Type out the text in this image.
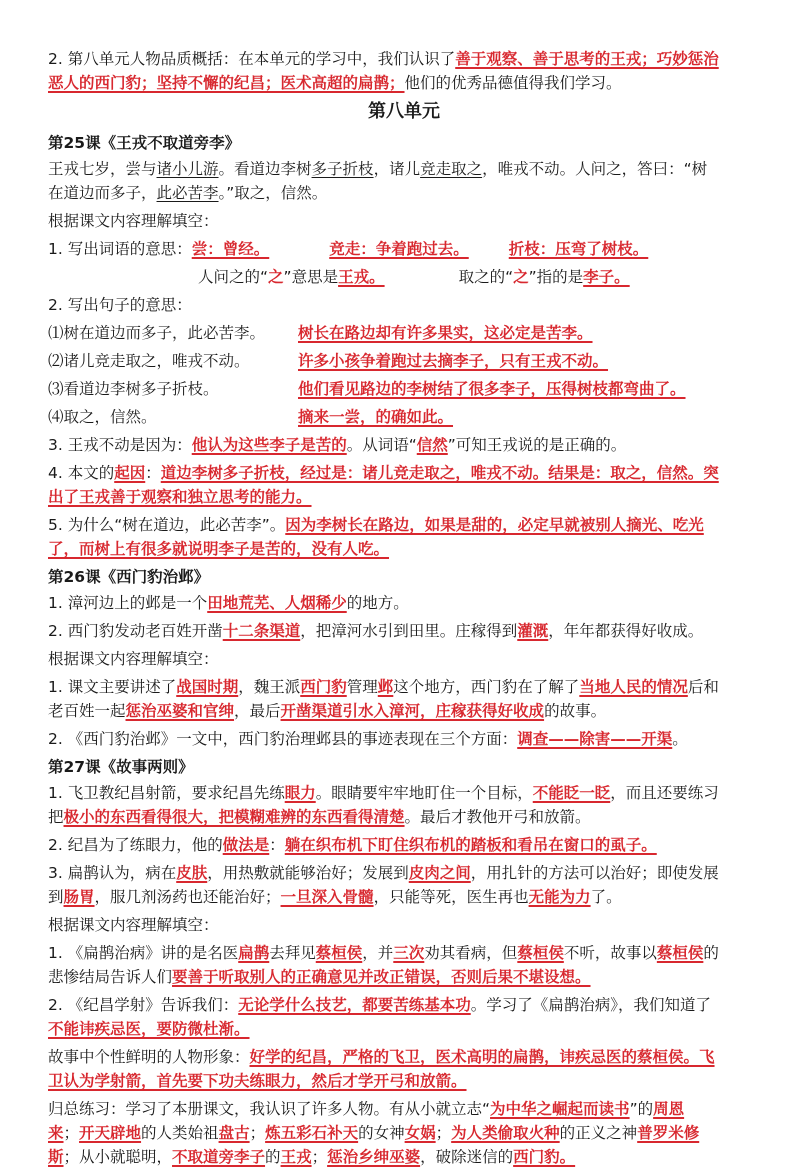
2. 第八单元人物品质概括：在本单元的学习中，我们认识了善于观察、善于思考的王戎；巧妙惩治
恶人的西门豹；坚持不懈的纪昌；医术高超的扁鹊；他们的优秀品德值得我们学习。
第八单元
第25课《王戎不取道旁李》
王戎七岁，尝与诸小儿游。看道边李树多子折枝，诸儿竞走取之，唯戎不动。人问之，答曰：“树
在道边而多子，此必苦李。”取之，信然。
根据课文内容理解填空：
1. 写出词语的意思：尝：曾经。	竞走：争着跑过去。	折枝：压弯了树枝。
人问之的“之”意思是王戎。	取之的“之”指的是李子。
2. 写出句子的意思：
⑴树在道边而多子，此必苦李。	树长在路边却有许多果实，这必定是苦李。
⑵诸儿竞走取之，唯戎不动。	许多小孩争着跑过去摘李子，只有王戎不动。
⑶看道边李树多子折枝。	他们看见路边的李树结了很多李子，压得树枝都弯曲了。
⑷取之，信然。	摘来一尝，的确如此。
3. 王戎不动是因为：他认为这些李子是苦的。从词语“信然”可知王戎说的是正确的。
4. 本文的起因：道边李树多子折枝，经过是：诸儿竞走取之，唯戎不动。结果是：取之，信然。突
出了王戎善于观察和独立思考的能力。
5. 为什么“树在道边，此必苦李”。因为李树长在路边，如果是甜的，必定早就被别人摘光、吃光
了，而树上有很多就说明李子是苦的，没有人吃。
第26课《西门豹治邺》
1. 漳河边上的邺是一个田地荒芜、人烟稀少的地方。
2. 西门豹发动老百姓开凿十二条渠道，把漳河水引到田里。庄稼得到灌溉，年年都获得好收成。
根据课文内容理解填空：
1. 课文主要讲述了战国时期，魏王派西门豹管理邺这个地方，西门豹在了解了当地人民的情况后和
老百姓一起惩治巫婆和官绅，最后开凿渠道引水入漳河，庄稼获得好收成的故事。
2. 《西门豹治邺》一文中，西门豹治理邺县的事迹表现在三个方面：调查——除害——开渠。
第27课《故事两则》
1. 飞卫教纪昌射箭，要求纪昌先练眼力。眼睛要牢牢地盯住一个目标，不能眨一眨，而且还要练习
把极小的东西看得很大，把模糊难辨的东西看得清楚。最后才教他开弓和放箭。
2. 纪昌为了练眼力，他的做法是：躺在织布机下盯住织布机的踏板和看吊在窗口的虱子。
3. 扁鹊认为，病在皮肤，用热敷就能够治好；发展到皮肉之间，用扎针的方法可以治好；即使发展
到肠胃，服几剂汤药也还能治好；一旦深入骨髓，只能等死，医生再也无能为力了。
根据课文内容理解填空：
1. 《扁鹊治病》讲的是名医扁鹊去拜见蔡桓侯，并三次劝其看病，但蔡桓侯不听，故事以蔡桓侯的
悲惨结局告诉人们要善于听取别人的正确意见并改正错误，否则后果不堪设想。
2. 《纪昌学射》告诉我们：无论学什么技艺，都要苦练基本功。学习了《扁鹊治病》，我们知道了
不能讳疾忌医，要防微杜渐。
故事中个性鲜明的人物形象：好学的纪昌，严格的飞卫，医术高明的扁鹊，讳疾忌医的蔡桓侯。飞
卫认为学射箭，首先要下功夫练眼力，然后才学开弓和放箭。
归总练习：学习了本册课文，我认识了许多人物。有从小就立志“为中华之崛起而读书”的周恩
来；开天辟地的人类始祖盘古；炼五彩石补天的女神女娲；为人类偷取火种的正义之神普罗米修
斯；从小就聪明，不取道旁李子的王戎；惩治乡绅巫婆，破除迷信的西门豹。
